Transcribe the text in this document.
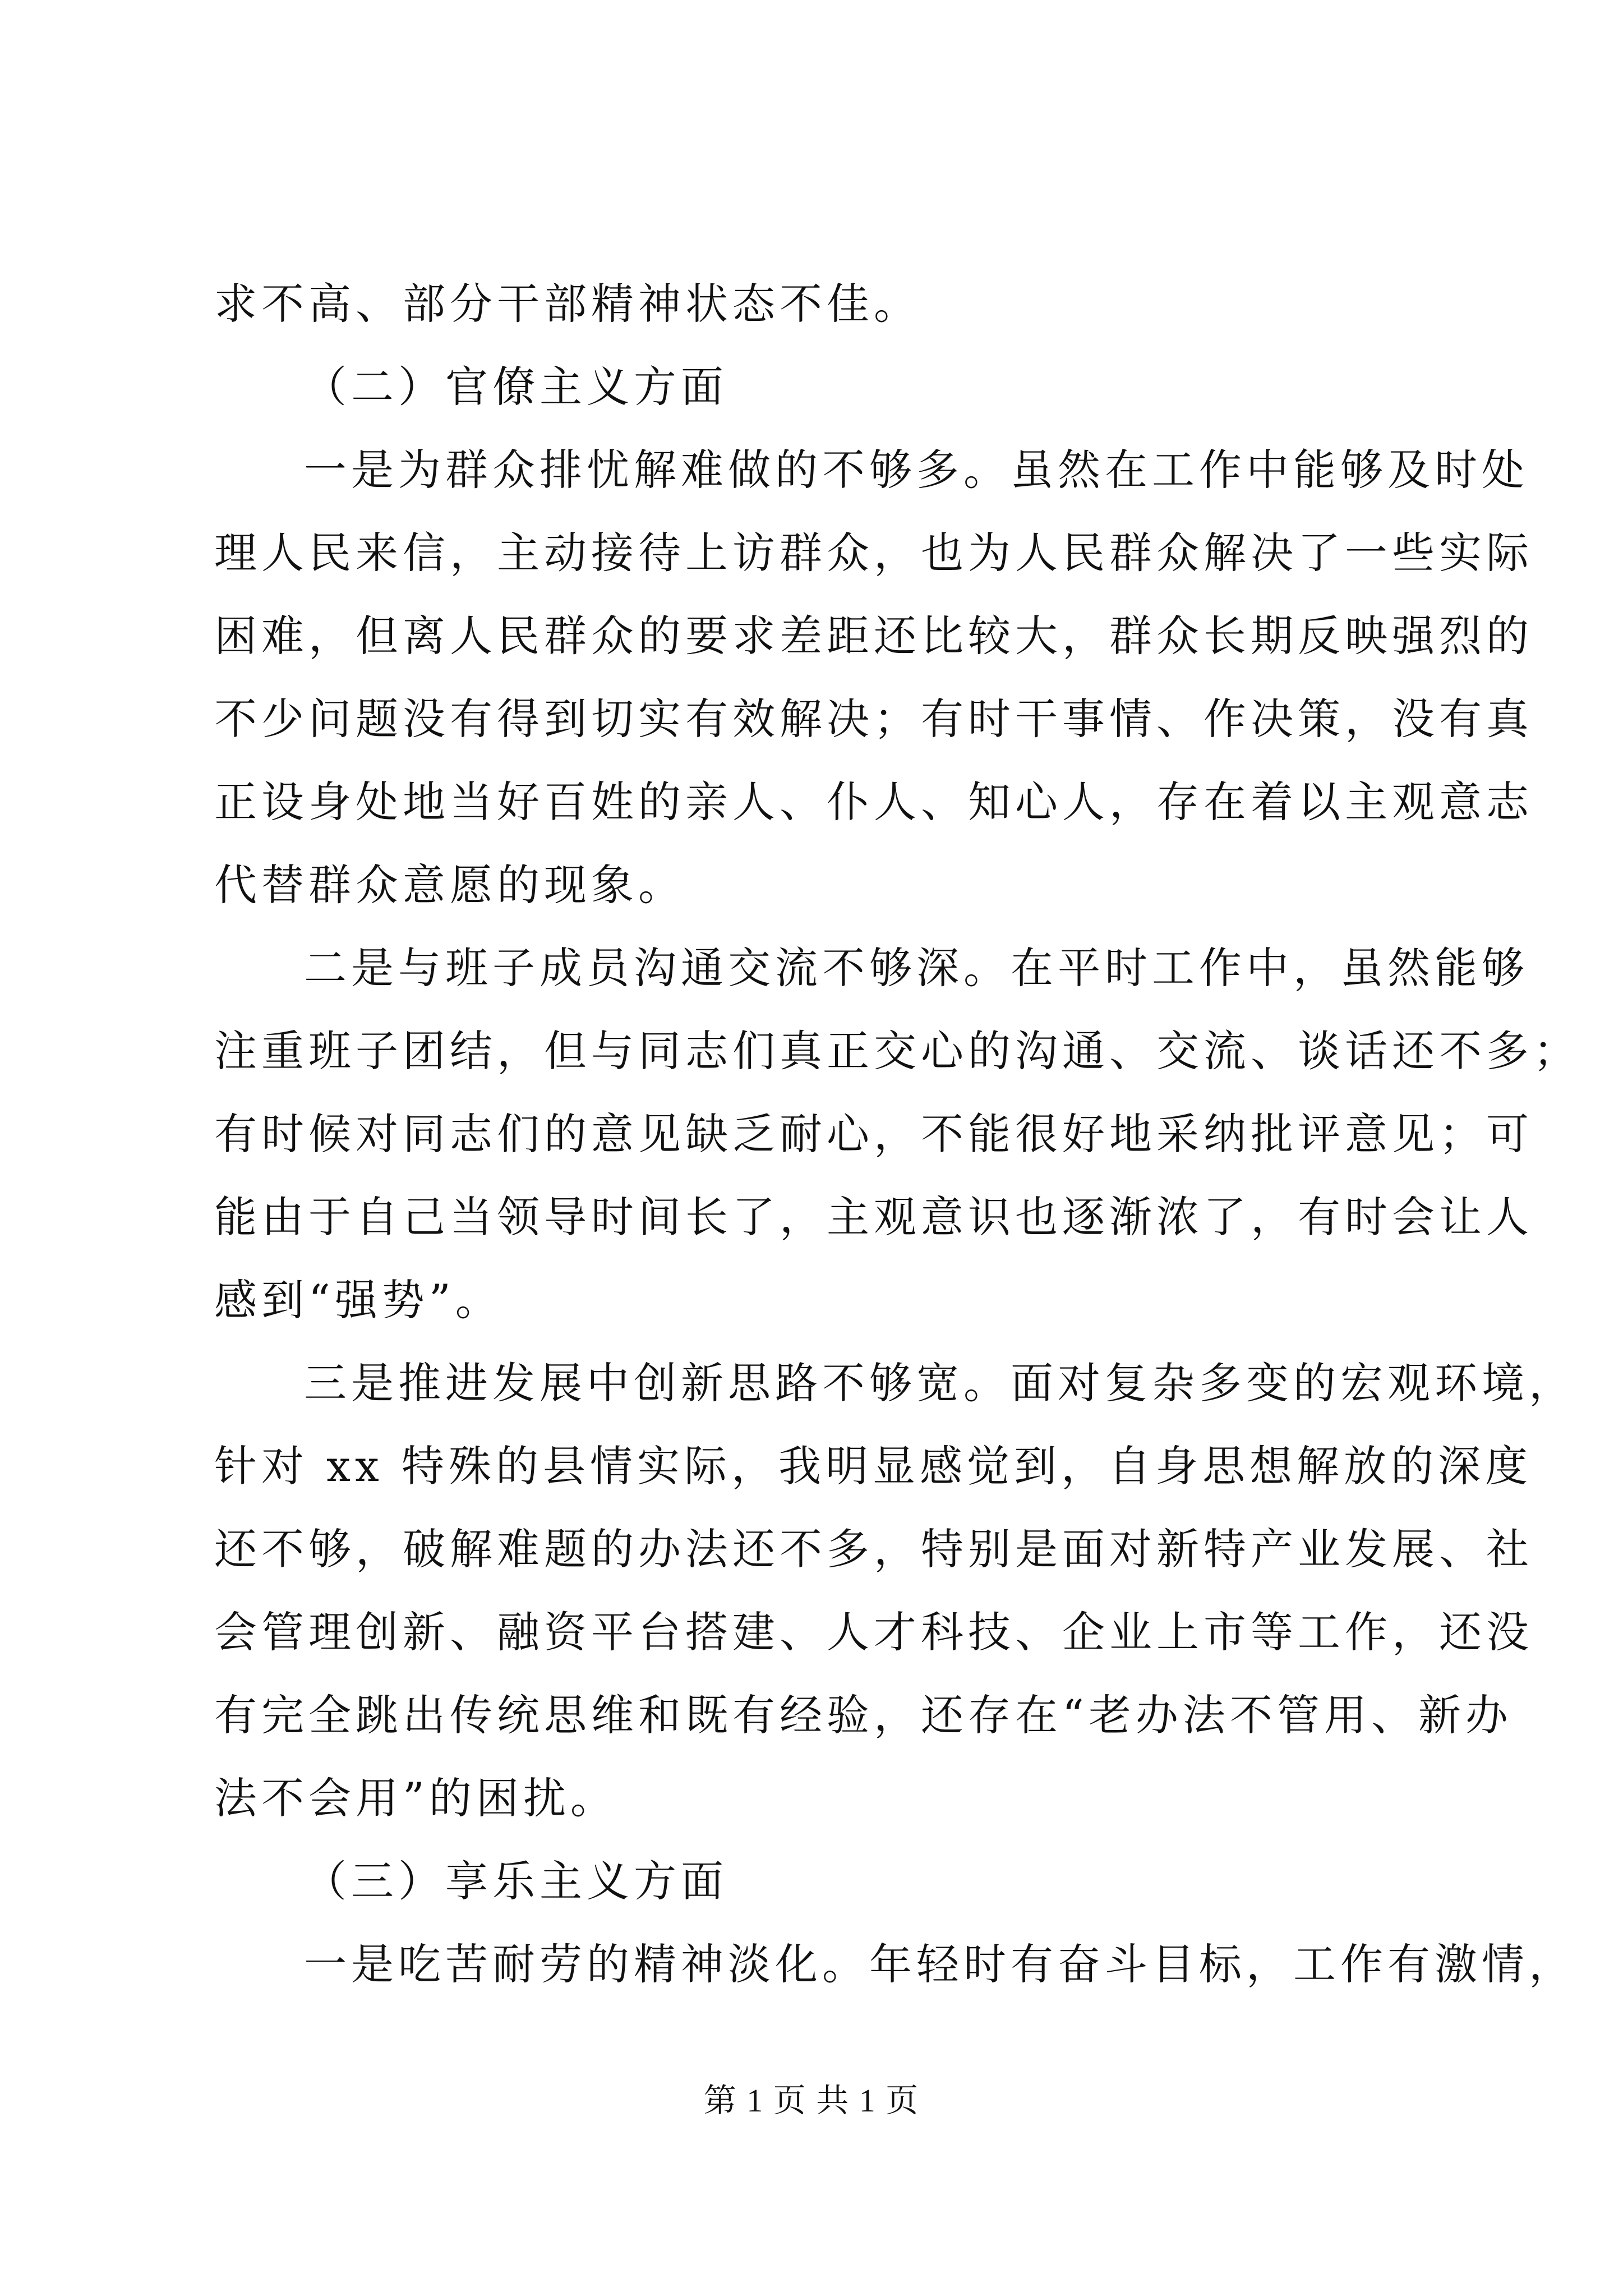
求不高、部分干部精神状态不佳。
（二）官僚主义方面
一是为群众排忧解难做的不够多。虽然在工作中能够及时处
理人民来信，主动接待上访群众，也为人民群众解决了一些实际
困难，但离人民群众的要求差距还比较大，群众长期反映强烈的
不少问题没有得到切实有效解决；有时干事情、作决策，没有真
正设身处地当好百姓的亲人、仆人、知心人，存在着以主观意志
代替群众意愿的现象。
二是与班子成员沟通交流不够深。在平时工作中，虽然能够
注重班子团结，但与同志们真正交心的沟通、交流、谈话还不多；
有时候对同志们的意见缺乏耐心，不能很好地采纳批评意见；可
能由于自己当领导时间长了，主观意识也逐渐浓了，有时会让人
感到“强势”。
三是推进发展中创新思路不够宽。面对复杂多变的宏观环境，
针对 xx 特殊的县情实际，我明显感觉到，自身思想解放的深度
还不够，破解难题的办法还不多，特别是面对新特产业发展、社
会管理创新、融资平台搭建、人才科技、企业上市等工作，还没
有完全跳出传统思维和既有经验，还存在“老办法不管用、新办
法不会用”的困扰。
（三）享乐主义方面
一是吃苦耐劳的精神淡化。年轻时有奋斗目标，工作有激情，
第 1 页 共 1 页
